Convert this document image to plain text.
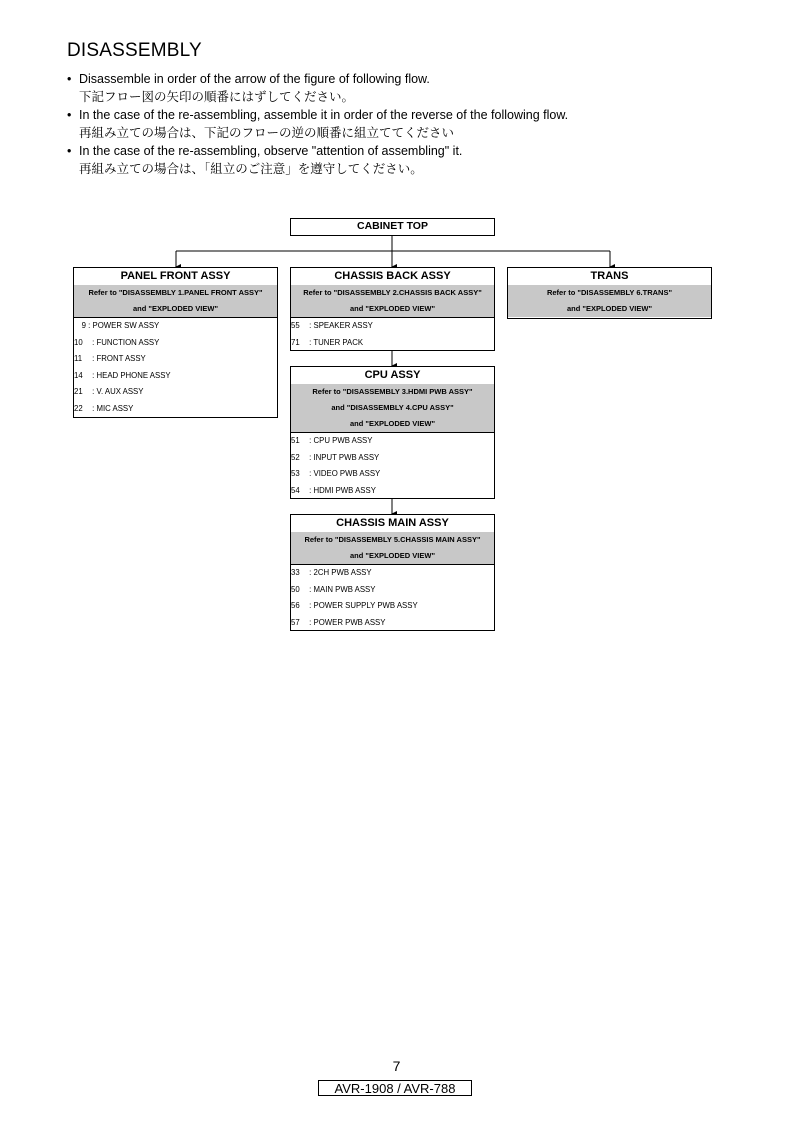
DISASSEMBLY
• Disassemble in order of the arrow of the figure of following flow.
下記フロー図の矢印の順番にはずしてください。
• In the case of the re-assembling, assemble it in order of the reverse of the following flow.
再組み立ての場合は、下記のフローの逆の順番に組立ててください
• In the case of the re-assembling, observe "attention of assembling" it.
再組み立ての場合は、「組立のご注意」を遵守してください。
CABINET TOP
PANEL FRONT ASSY
Refer to "DISASSEMBLY 1.PANEL FRONT ASSY"
and "EXPLODED VIEW"
9 : POWER SW ASSY
10 : FUNCTION ASSY
11 : FRONT ASSY
14 : HEAD PHONE ASSY
21 : V. AUX ASSY
22 : MIC ASSY
CHASSIS BACK ASSY
Refer to "DISASSEMBLY 2.CHASSIS BACK ASSY"
and "EXPLODED VIEW"
55 : SPEAKER ASSY
71 : TUNER PACK
TRANS
Refer to "DISASSEMBLY 6.TRANS"
and "EXPLODED VIEW"
CPU ASSY
Refer to "DISASSEMBLY 3.HDMI PWB ASSY"
and "DISASSEMBLY 4.CPU ASSY"
and "EXPLODED VIEW"
51 : CPU PWB ASSY
52 : INPUT PWB ASSY
53 : VIDEO PWB ASSY
54 : HDMI PWB ASSY
CHASSIS MAIN ASSY
Refer to "DISASSEMBLY 5.CHASSIS MAIN ASSY"
and "EXPLODED VIEW"
33 : 2CH PWB ASSY
50 : MAIN PWB ASSY
56 : POWER SUPPLY PWB ASSY
57 : POWER PWB ASSY
7
AVR-1908 / AVR-788
